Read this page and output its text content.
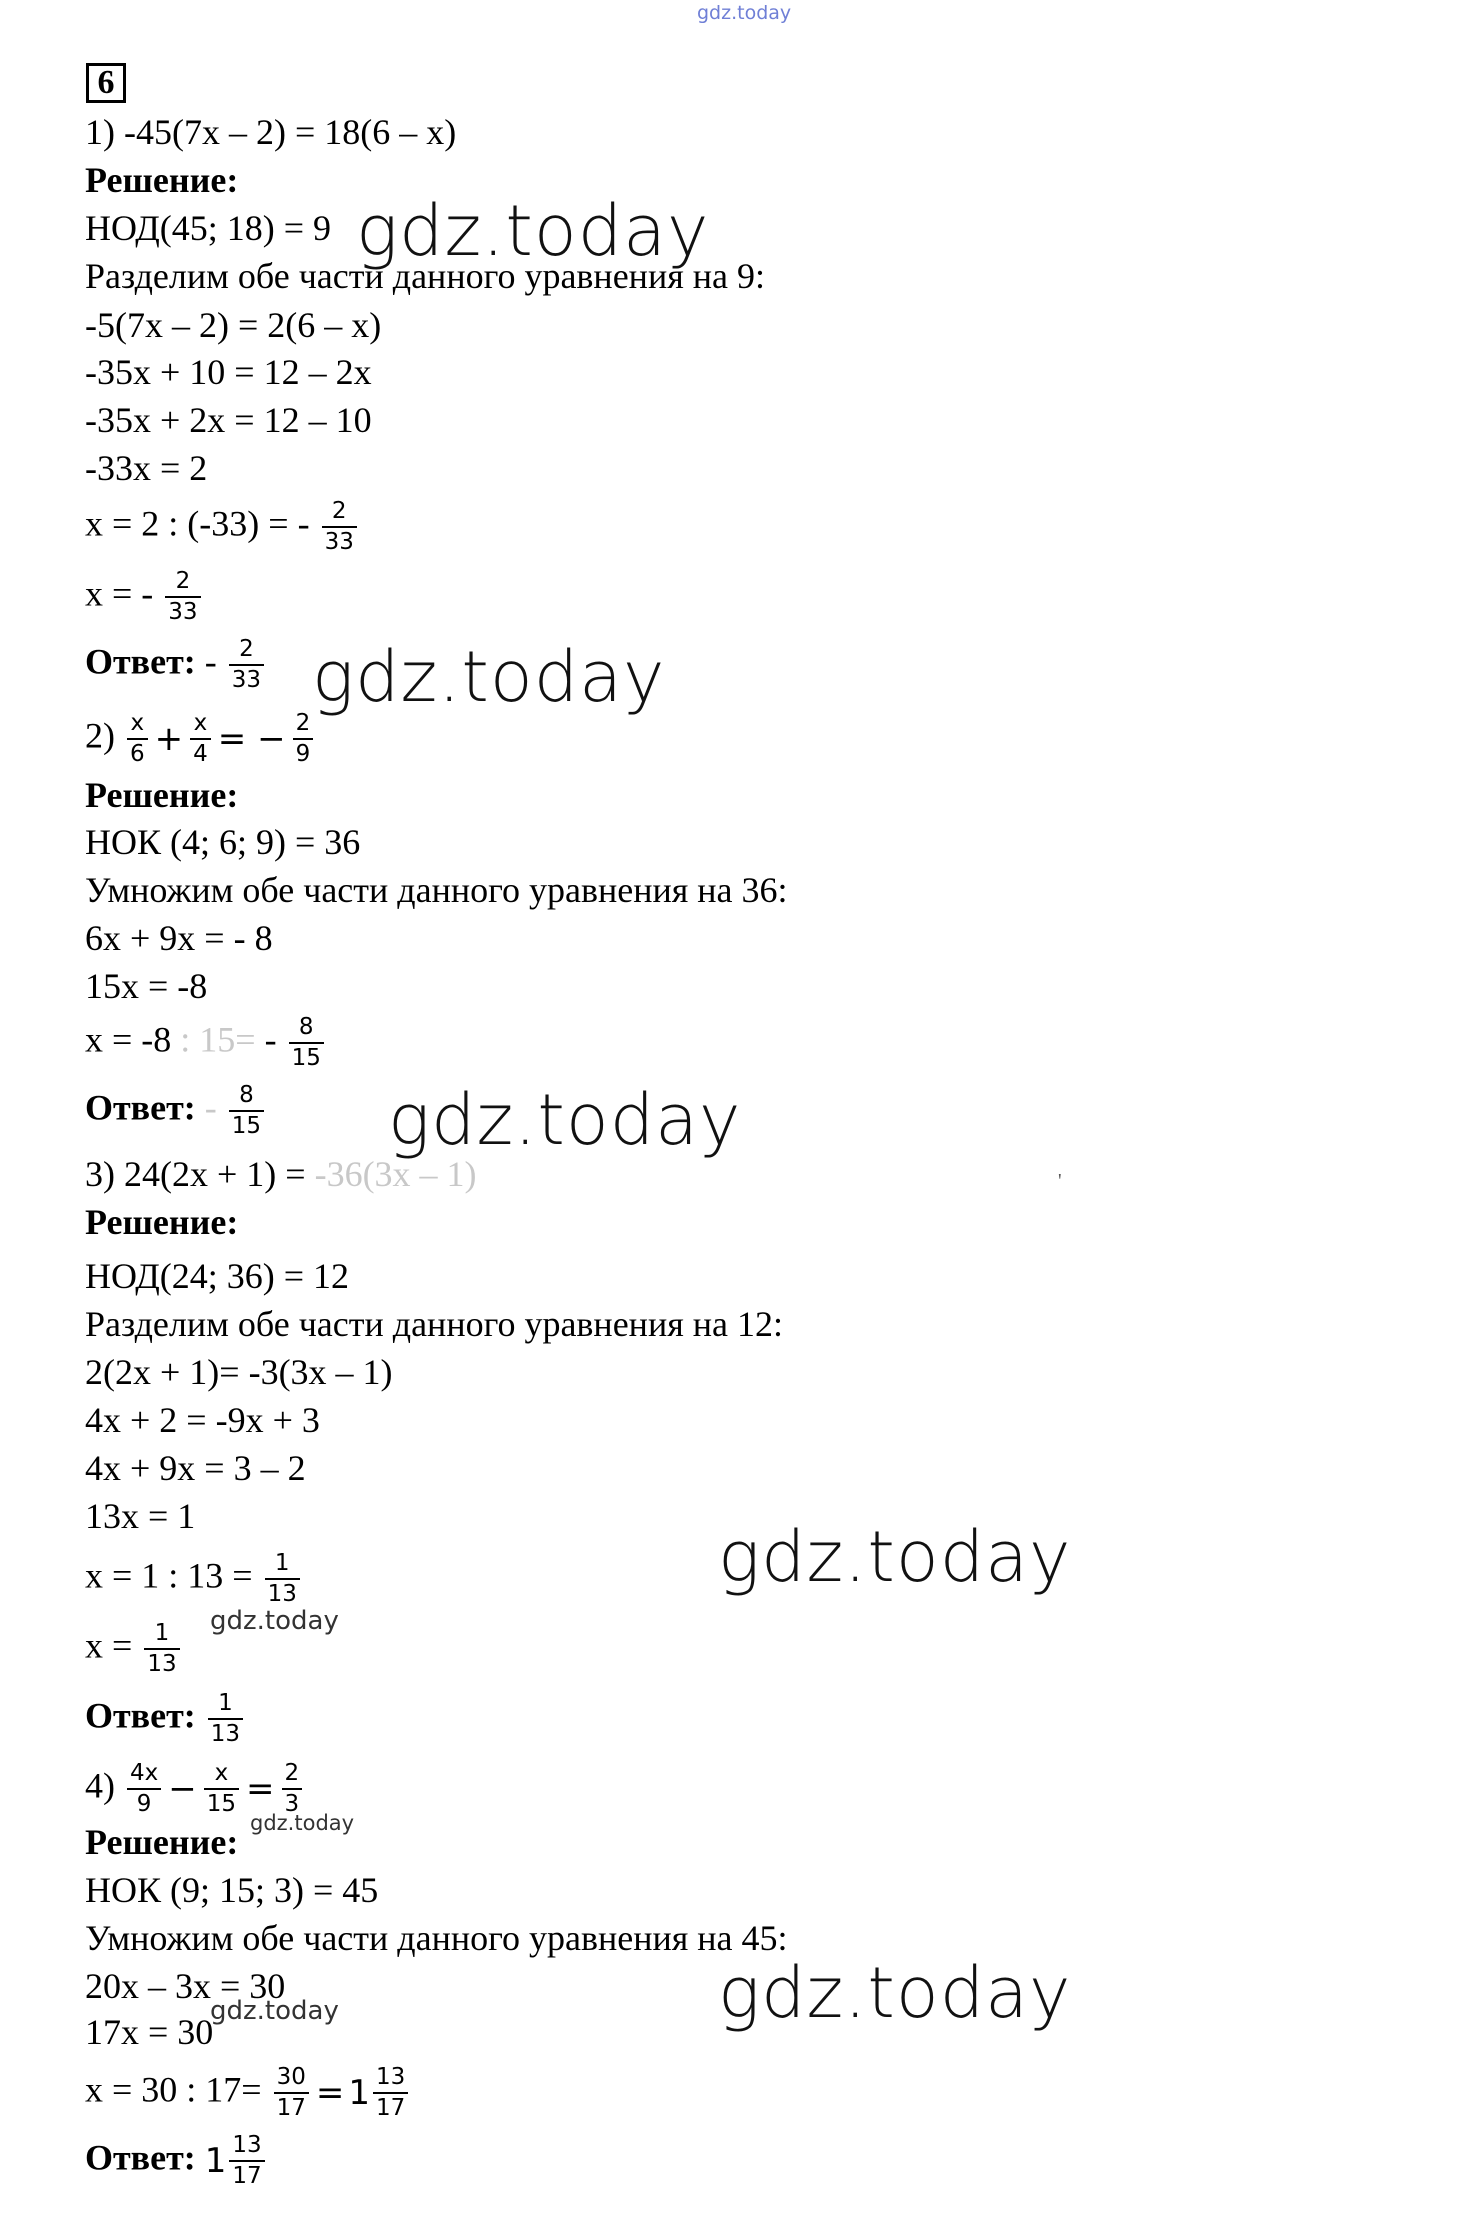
gdz.today
6
1) -45(7х – 2) = 18(6 – х)
Решение:
НОД(45; 18) = 9
Разделим обе части данного уравнения на 9:
-5(7х – 2) = 2(6 – х)
-35х + 10 = 12 – 2х
-35х + 2х = 12 – 10
-33х = 2
х = 2 : (-33) = - $\frac{2}{33}$
х = - $\frac{2}{33}$
Ответ: - $\frac{2}{33}$
$2) \frac{x}{6} + \frac{x}{4}$ = − $\frac{2}{9}$
Решение:
НОК (4; 6; 9) = 36
Умножим обе части данного уравнения на 36:
6х + 9х = - 8
15х = -8
х = -8 : $15= - \frac{8}{15}$
Ответ: - $\frac{8}{15}$
3) 24(2х + 1) = -36(3х – 1)
Решение:
НОД(24; 36) = 12
Разделим обе части данного уравнения на 12:
2(2х + 1)= -3(3х – 1)
4х + 2 = -9х + 3
4х + 9х = 3 – 2
13х = 1
х = 1 : $13 = \frac{1}{13}$
$х = \frac{1}{13}$
Ответ: $\frac{1}{13}$
$4) \frac{4x}{9} - \frac{x}{15} = \frac{2}{3}$
Решение:
НОК (9; 15; 3) = 45
Умножим обе части данного уравнения на 45:
20х – 3х = 30
17х = 30
х = 30 : $17= \frac{30}{17} = 1 \frac{13}{17}$
Ответ: $1 \frac{13}{17}$
'
gdz.today
gdz.today
gdz.today
gdz.today
gdz.today
gdz.today
gdz.today
gdz.today
